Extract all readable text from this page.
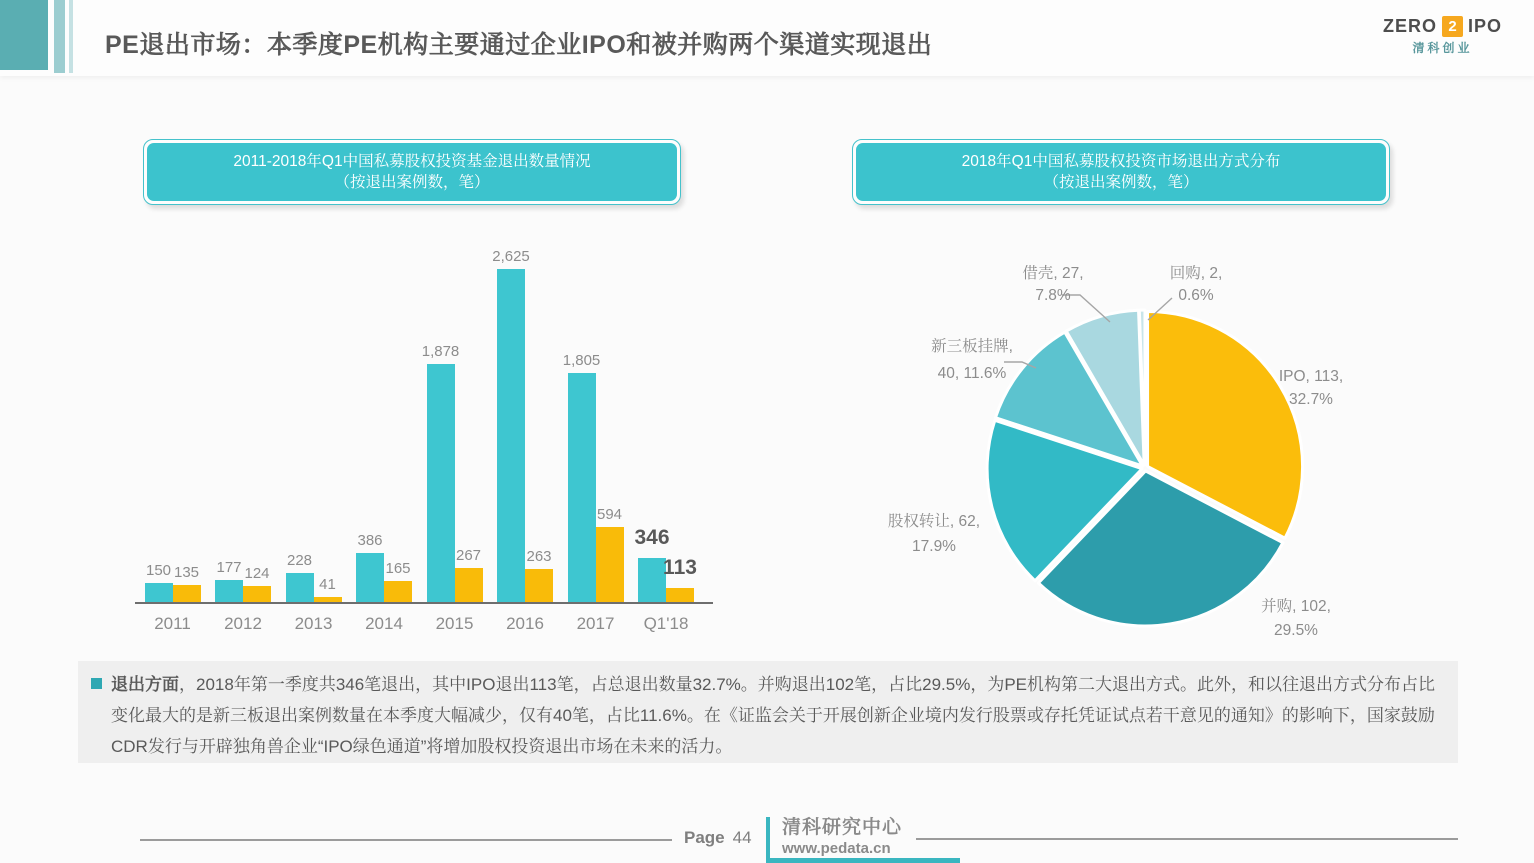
PE退出市场：本季度PE机构主要通过企业IPO和被并购两个渠道实现退出
ZERO 2 IPO
清科创业
2011-2018年Q1中国私募股权投资基金退出数量情况
（按退出案例数，笔）
2018年Q1中国私募股权投资市场退出方式分布
（按退出案例数，笔）
150 135
2011
177 124
2012
228
41
2013
386
165
2014
1,878
267
2015
2,625
263
2016
1,805
594
2017
346
113
Q1'18
IPO, 113,
32.7%
并购, 102,
29.5%
股权转让, 62,
17.9%
新三板挂牌,
40, 11.6%
借壳, 27,
7.8%
回购, 2,
0.6%
退出方面，2018年第一季度共346笔退出，其中IPO退出113笔，占总退出数量32.7%。并购退出102笔，占比29.5%，为PE机构第二大退出方式。此外，和以往退出方式分布占比变化最大的是新三板退出案例数量在本季度大幅减少，仅有40笔，占比11.6%。在《证监会关于开展创新企业境内发行股票或存托凭证试点若干意见的通知》的影响下，国家鼓励CDR发行与开辟独角兽企业“IPO绿色通道”将增加股权投资退出市场在未来的活力。
Page 44 清科研究中心
www.pedata.cn
